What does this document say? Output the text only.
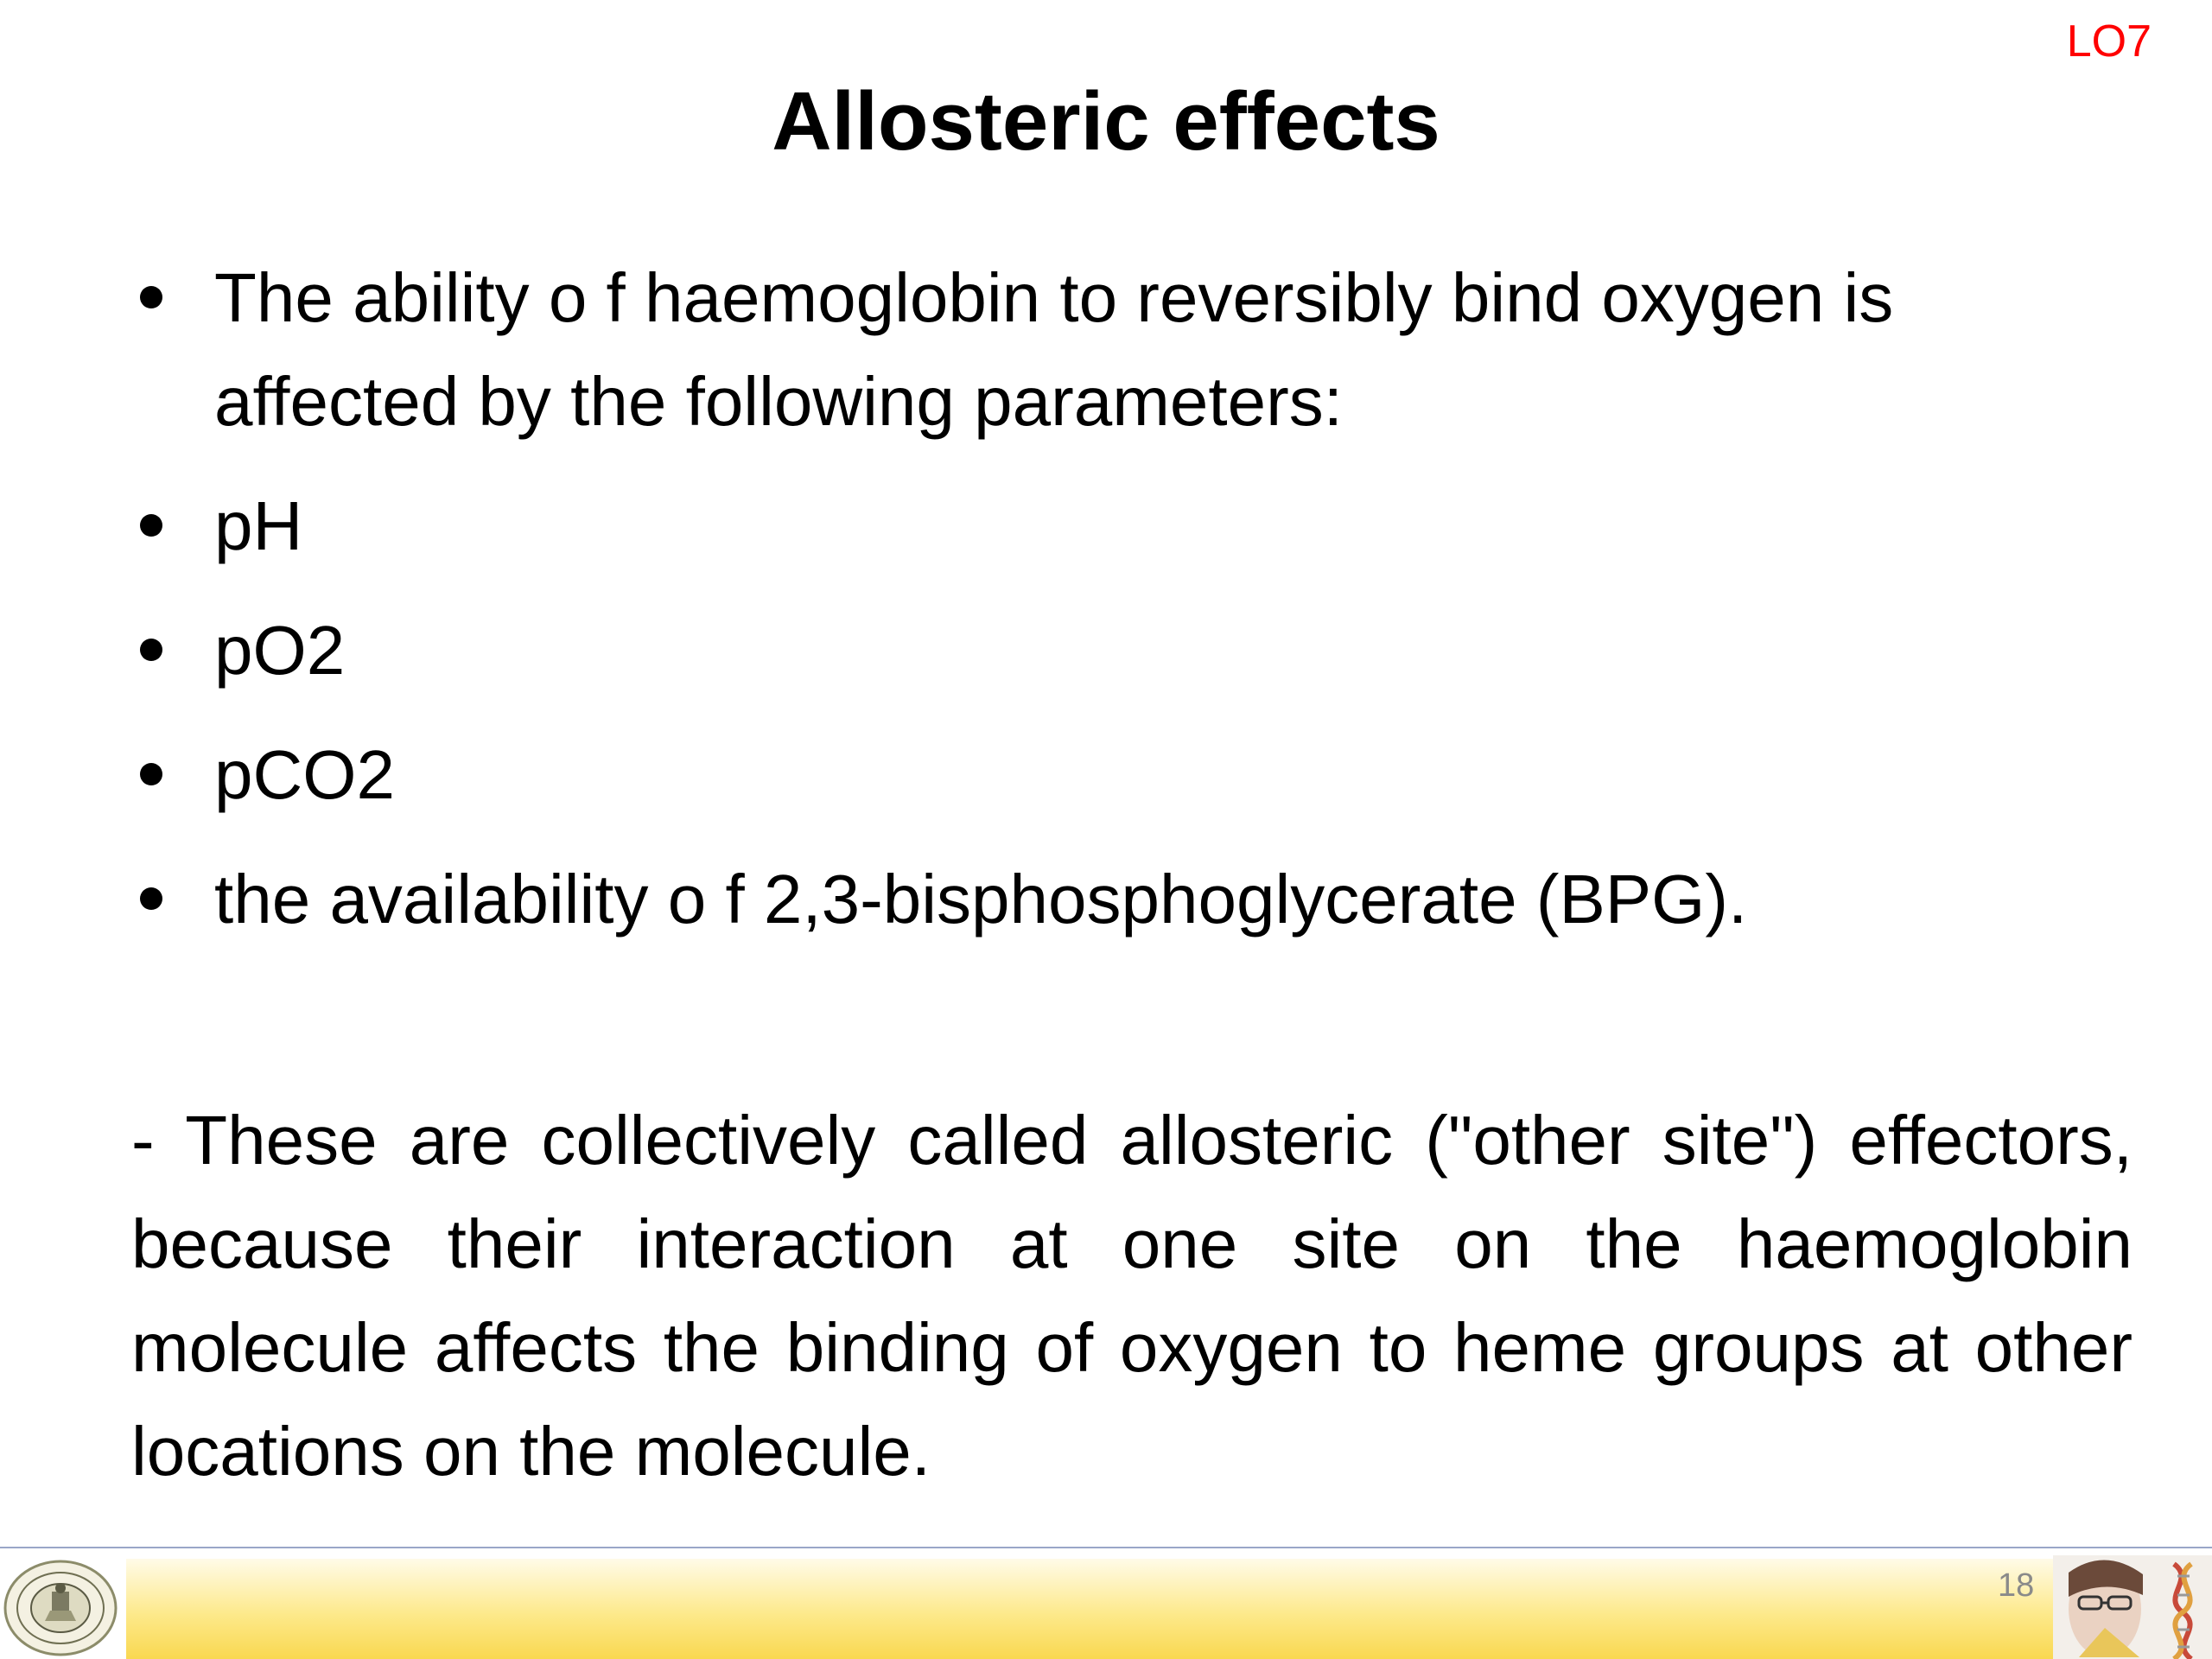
LO7
Allosteric effects
The ability o f haemoglobin to reversibly bind oxygen is affected by the following parameters:
pH
pO2
pCO2
the availability o f 2,3-bisphosphoglycerate (BPG).
- These are collectively called allosteric ("other site") effectors, because their interaction at one site on the haemoglobin molecule affects the binding of oxygen to heme groups at other locations on the molecule.
18
